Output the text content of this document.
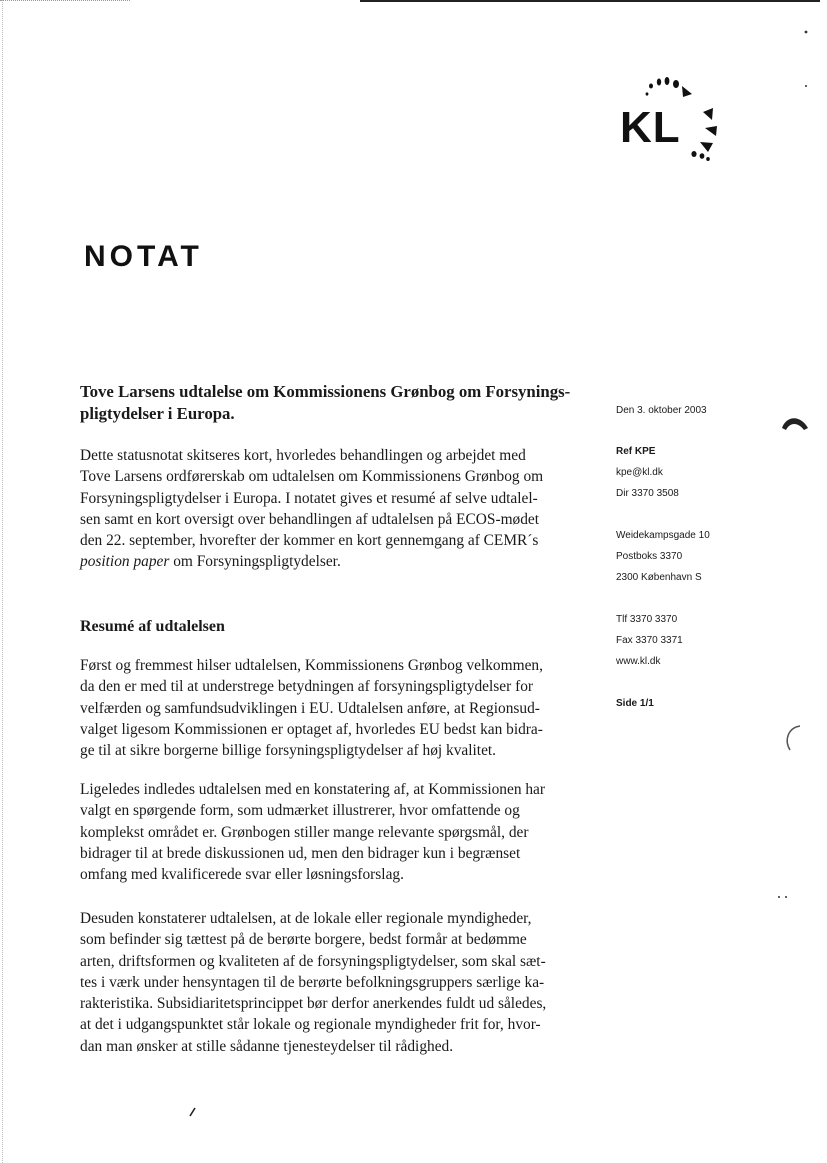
KL
NOTAT
Tove Larsens udtalelse om Kommissionens Grønbog om Forsynings-
pligtydelser i Europa.
Dette statusnotat skitseres kort, hvorledes behandlingen og arbejdet med
Tove Larsens ordførerskab om udtalelsen om Kommissionens Grønbog om
Forsyningspligtydelser i Europa. I notatet gives et resumé af selve udtalel-
sen samt en kort oversigt over behandlingen af udtalelsen på ECOS-mødet
den 22. september, hvorefter der kommer en kort gennemgang af CEMR´s
position paper om Forsyningspligtydelser.
Resumé af udtalelsen
Først og fremmest hilser udtalelsen, Kommissionens Grønbog velkommen,
da den er med til at understrege betydningen af forsyningspligtydelser for
velfærden og samfundsudviklingen i EU. Udtalelsen anføre, at Regionsud-
valget ligesom Kommissionen er optaget af, hvorledes EU bedst kan bidra-
ge til at sikre borgerne billige forsyningspligtydelser af høj kvalitet.
Ligeledes indledes udtalelsen med en konstatering af, at Kommissionen har
valgt en spørgende form, som udmærket illustrerer, hvor omfattende og
komplekst området er. Grønbogen stiller mange relevante spørgsmål, der
bidrager til at brede diskussionen ud, men den bidrager kun i begrænset
omfang med kvalificerede svar eller løsningsforslag.
Desuden konstaterer udtalelsen, at de lokale eller regionale myndigheder,
som befinder sig tættest på de berørte borgere, bedst formår at bedømme
arten, driftsformen og kvaliteten af de forsyningspligtydelser, som skal sæt-
tes i værk under hensyntagen til de berørte befolkningsgruppers særlige ka-
rakteristika. Subsidiaritetsprincippet bør derfor anerkendes fuldt ud således,
at det i udgangspunktet står lokale og regionale myndigheder frit for, hvor-
dan man ønsker at stille sådanne tjenesteydelser til rådighed.
Den 3. oktober 2003
Ref KPE
kpe@kl.dk
Dir 3370 3508
Weidekampsgade 10
Postboks 3370
2300 København S
Tlf 3370 3370
Fax 3370 3371
www.kl.dk
Side 1/1
